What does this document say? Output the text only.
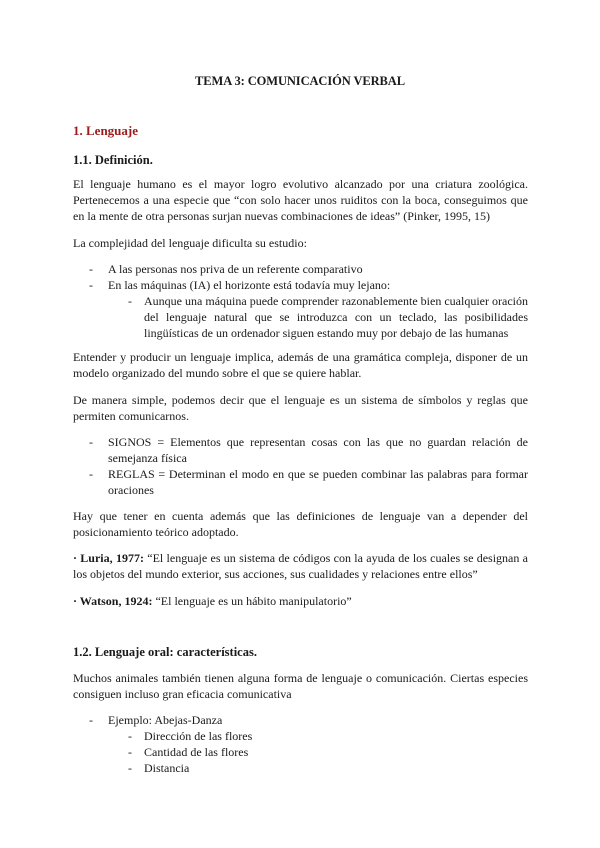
TEMA 3: COMUNICACIÓN VERBAL
1. Lenguaje
1.1. Definición.
El lenguaje humano es el mayor logro evolutivo alcanzado por una criatura zoológica. Pertenecemos a una especie que “con solo hacer unos ruiditos con la boca, conseguimos que en la mente de otra personas surjan nuevas combinaciones de ideas” (Pinker, 1995, 15)
La complejidad del lenguaje dificulta su estudio:
- A las personas nos priva de un referente comparativo
- En las máquinas (IA) el horizonte está todavía muy lejano:
- Aunque una máquina puede comprender razonablemente bien cualquier oración del lenguaje natural que se introduzca con un teclado, las posibilidades lingüísticas de un ordenador siguen estando muy por debajo de las humanas
Entender y producir un lenguaje implica, además de una gramática compleja, disponer de un modelo organizado del mundo sobre el que se quiere hablar.
De manera simple, podemos decir que el lenguaje es un sistema de símbolos y reglas que permiten comunicarnos.
- SIGNOS = Elementos que representan cosas con las que no guardan relación de semejanza física
- REGLAS = Determinan el modo en que se pueden combinar las palabras para formar oraciones
Hay que tener en cuenta además que las definiciones de lenguaje van a depender del posicionamiento teórico adoptado.
· Luria, 1977: “El lenguaje es un sistema de códigos con la ayuda de los cuales se designan a los objetos del mundo exterior, sus acciones, sus cualidades y relaciones entre ellos”
· Watson, 1924: “El lenguaje es un hábito manipulatorio”
1.2. Lenguaje oral: características.
Muchos animales también tienen alguna forma de lenguaje o comunicación. Ciertas especies consiguen incluso gran eficacia comunicativa
- Ejemplo: Abejas-Danza
- Dirección de las flores
- Cantidad de las flores
- Distancia
